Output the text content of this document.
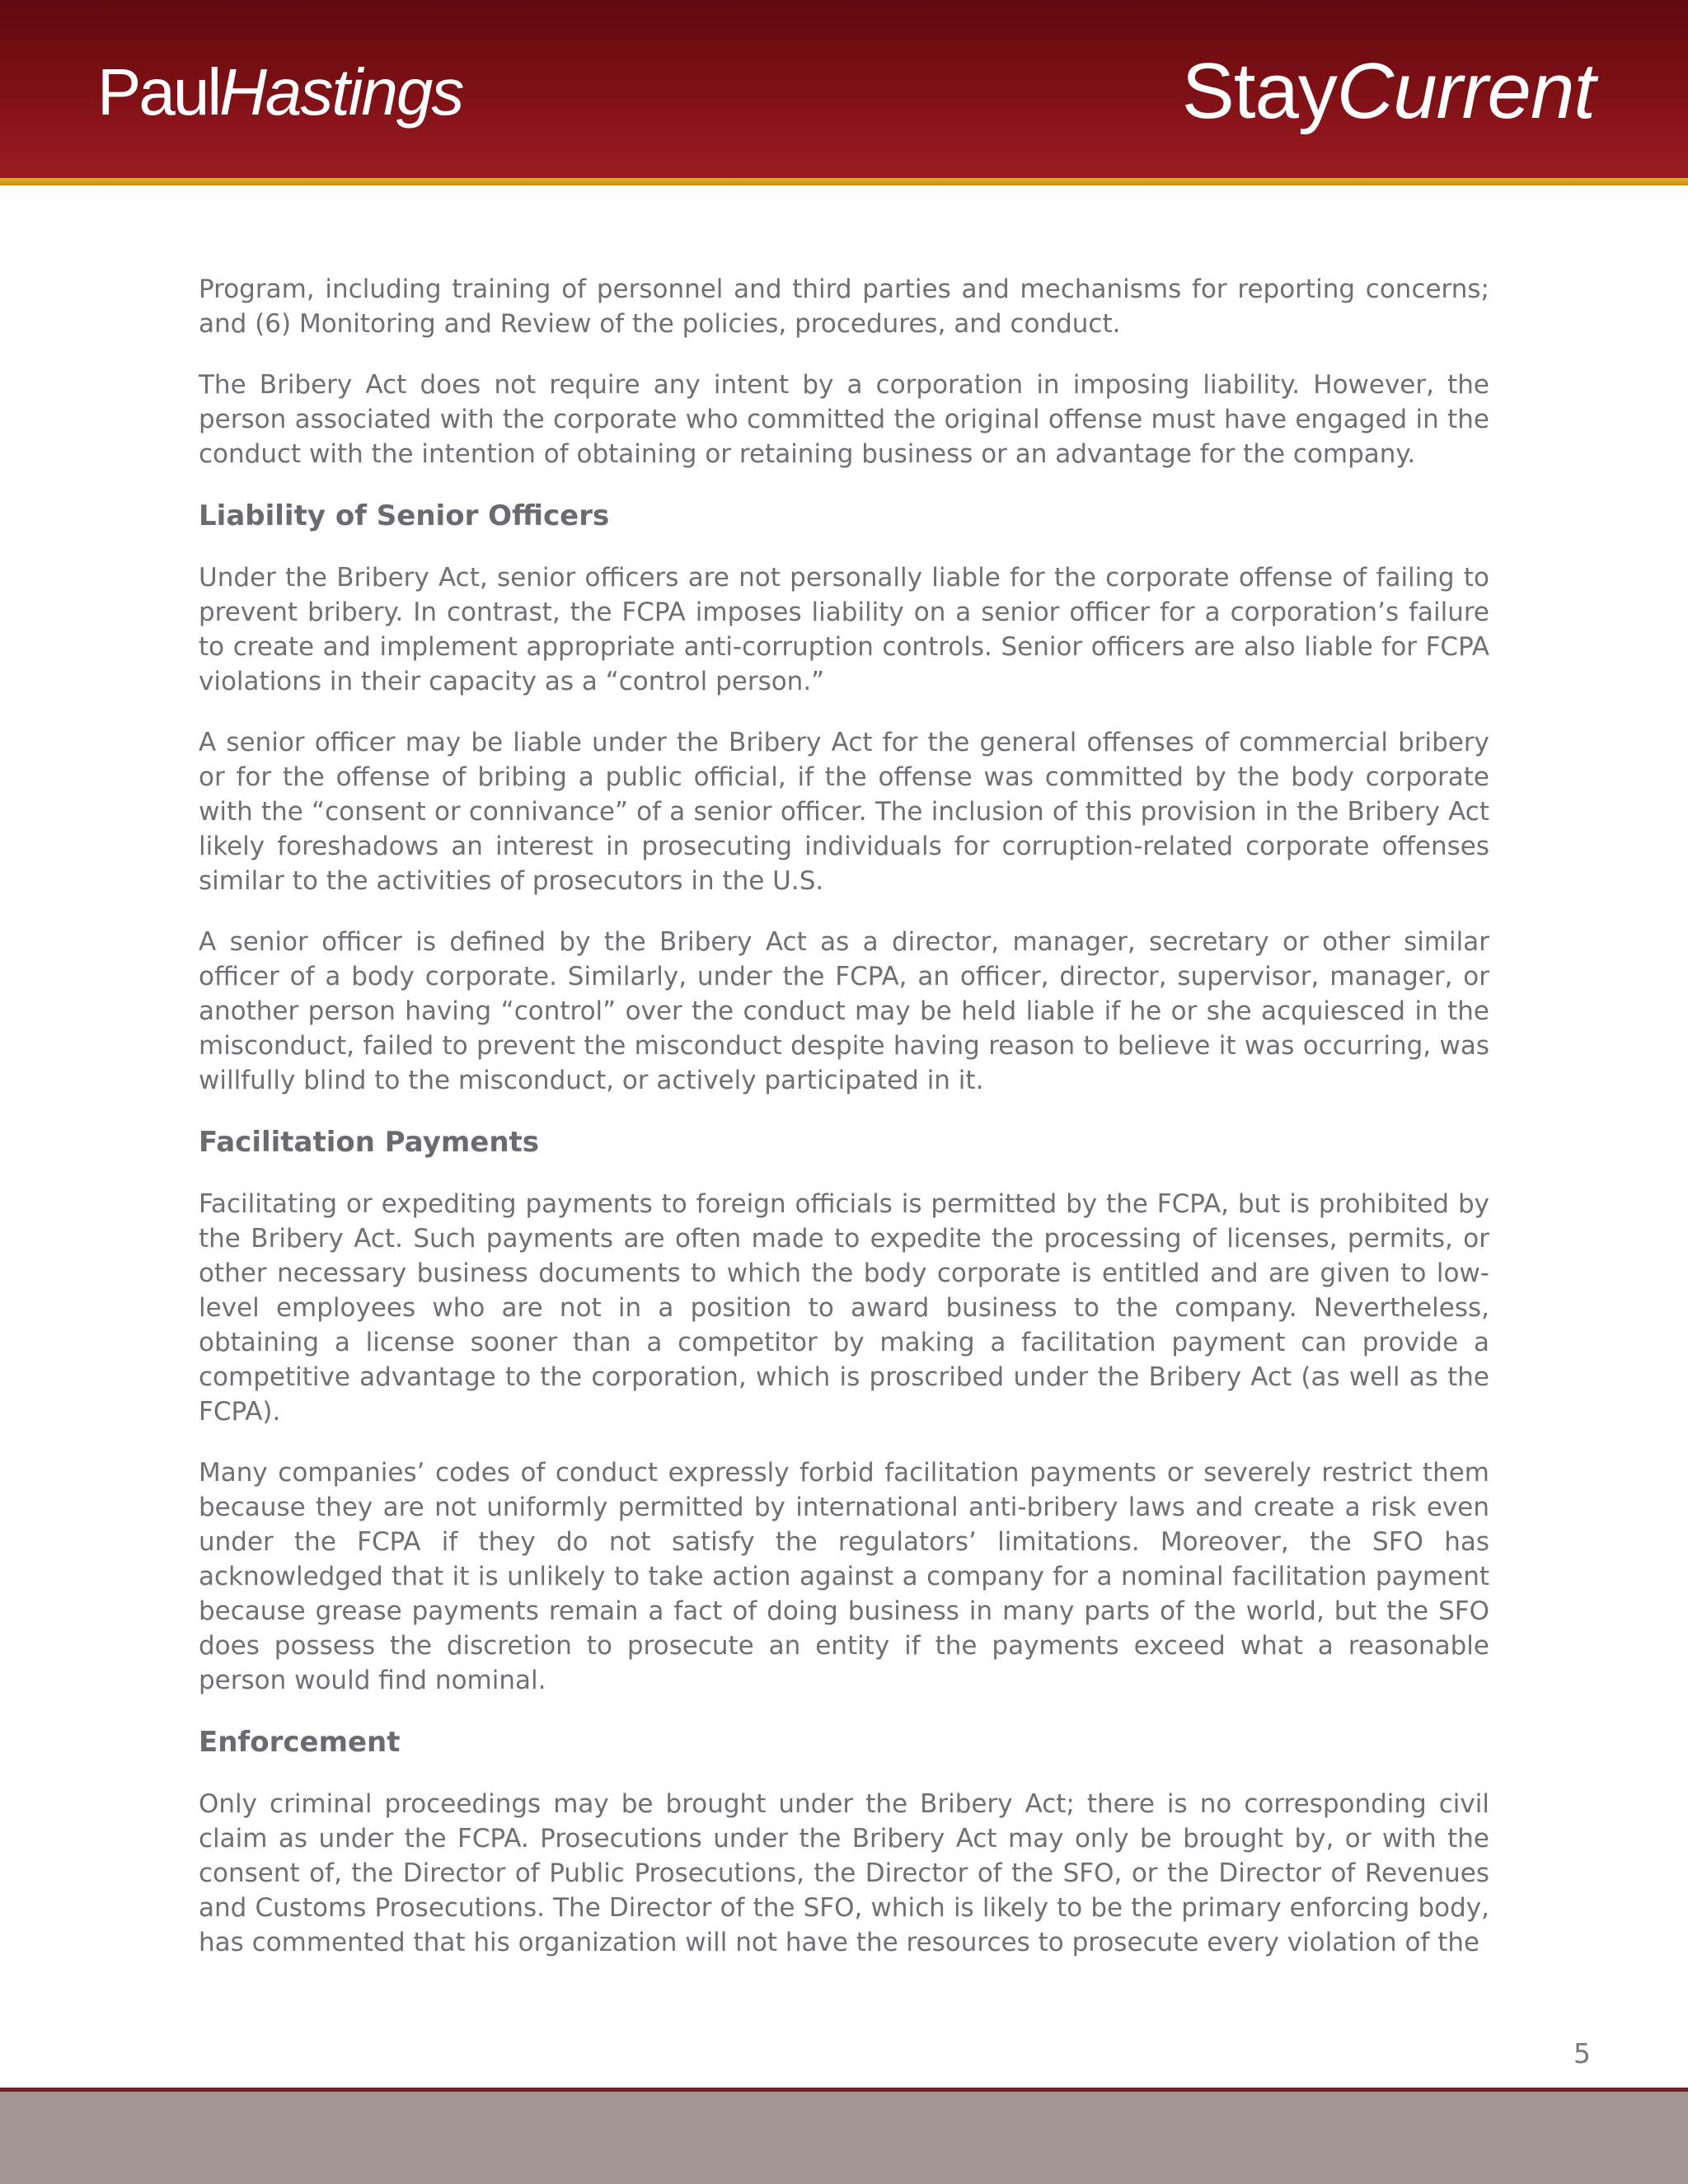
PaulHastings	StayCurrent

Program, including training of personnel and third parties and mechanisms for reporting concerns; and (6) Monitoring and Review of the policies, procedures, and conduct.

The Bribery Act does not require any intent by a corporation in imposing liability. However, the person associated with the corporate who committed the original offense must have engaged in the conduct with the intention of obtaining or retaining business or an advantage for the company.

Liability of Senior Officers

Under the Bribery Act, senior officers are not personally liable for the corporate offense of failing to prevent bribery. In contrast, the FCPA imposes liability on a senior officer for a corporation’s failure to create and implement appropriate anti-corruption controls. Senior officers are also liable for FCPA violations in their capacity as a “control person.”

A senior officer may be liable under the Bribery Act for the general offenses of commercial bribery or for the offense of bribing a public official, if the offense was committed by the body corporate with the “consent or connivance” of a senior officer. The inclusion of this provision in the Bribery Act likely foreshadows an interest in prosecuting individuals for corruption-related corporate offenses similar to the activities of prosecutors in the U.S.

A senior officer is defined by the Bribery Act as a director, manager, secretary or other similar officer of a body corporate. Similarly, under the FCPA, an officer, director, supervisor, manager, or another person having “control” over the conduct may be held liable if he or she acquiesced in the misconduct, failed to prevent the misconduct despite having reason to believe it was occurring, was willfully blind to the misconduct, or actively participated in it.

Facilitation Payments

Facilitating or expediting payments to foreign officials is permitted by the FCPA, but is prohibited by the Bribery Act. Such payments are often made to expedite the processing of licenses, permits, or other necessary business documents to which the body corporate is entitled and are given to low-level employees who are not in a position to award business to the company. Nevertheless, obtaining a license sooner than a competitor by making a facilitation payment can provide a competitive advantage to the corporation, which is proscribed under the Bribery Act (as well as the FCPA).

Many companies’ codes of conduct expressly forbid facilitation payments or severely restrict them because they are not uniformly permitted by international anti-bribery laws and create a risk even under the FCPA if they do not satisfy the regulators’ limitations. Moreover, the SFO has acknowledged that it is unlikely to take action against a company for a nominal facilitation payment because grease payments remain a fact of doing business in many parts of the world, but the SFO does possess the discretion to prosecute an entity if the payments exceed what a reasonable person would find nominal.

Enforcement

Only criminal proceedings may be brought under the Bribery Act; there is no corresponding civil claim as under the FCPA. Prosecutions under the Bribery Act may only be brought by, or with the consent of, the Director of Public Prosecutions, the Director of the SFO, or the Director of Revenues and Customs Prosecutions. The Director of the SFO, which is likely to be the primary enforcing body, has commented that his organization will not have the resources to prosecute every violation of the

5
